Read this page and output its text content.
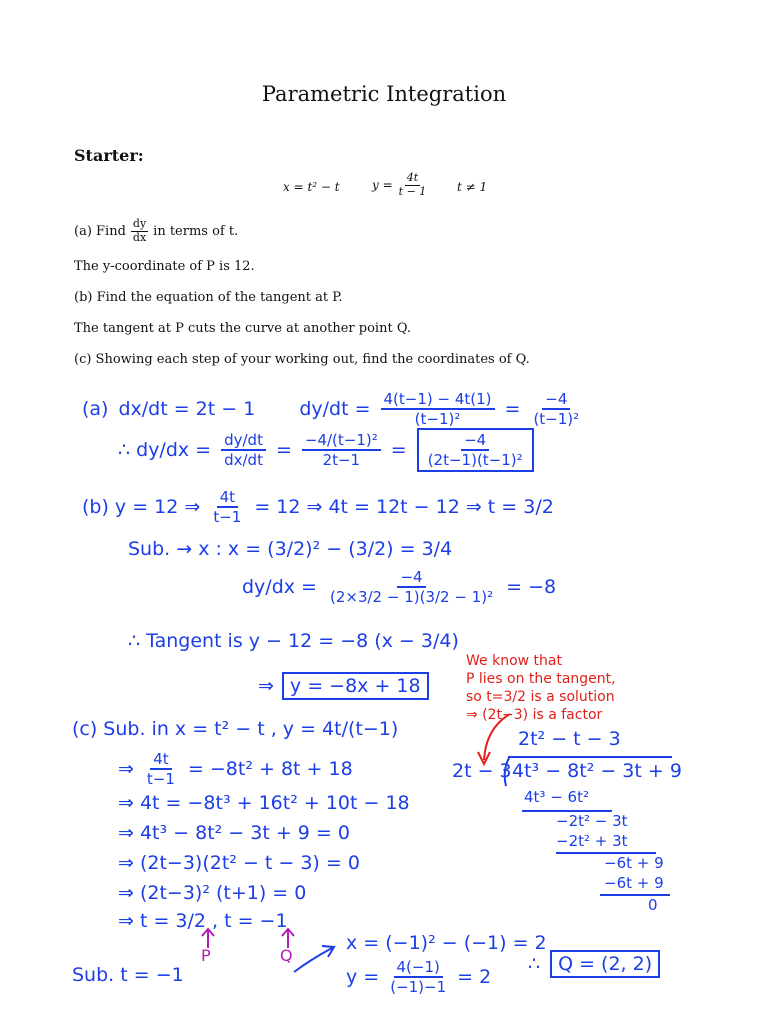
Parametric Integration
Starter:
x = t² − t	$y = \frac{4t}{t - 1}$ t ≠ 1
(a) Find $\frac{dy}{dx}$ in terms of t.
The y-coordinate of P is 12.
(b) Find the equation of the tangent at P.
The tangent at P cuts the curve at another point Q.
(c) Showing each step of your working out, find the coordinates of Q.
(a) dx/dt = 2t − 1 $dy/dt = \frac{4(t-1) - 4t(1)}{\text{(t−1)²}} = \frac{-4}{\text{(t−1)²}}$
∴ $dy/dx = \frac{dy/dt}{dx/dt} = \frac{\text{−4/(t−1)²}}{2t-1} = \frac{-4}{\text{(2t−1)(t−1)²}}$
(b) y = 12 ⇒ $\frac{4t}{t-1} = 12$ ⇒ 4t = 12t − 12 ⇒ t = 3/2
Sub. → x : x = (3/2)² − (3/2) = 3/4
$dy/dx = \frac{-4}{\text{(2×3/2 − 1)(3/2 − 1)²}} = -8$
∴ Tangent is y − 12 = −8 (x − 3/4)
⇒ y = −8x + 18
We know that
P lies on the tangent,
so t=3/2 is a solution
⇒ (2t−3) is a factor
(c) Sub. in x = t² − t , y = 4t/(t−1)
⇒ $\frac{4t}{t-1} = -8t^2 + 8t + 18$
⇒ 4t = −8t³ + 16t² + 10t − 18
⇒ 4t³ − 8t² − 3t + 9 = 0
⇒ (2t−3)(2t² − t − 3) = 0
⇒ (2t−3)² (t+1) = 0
⇒ t = 3/2 , t = −1
P	Q
Sub. t = −1
x = (−1)² − (−1) = 2
$y = \frac{4(-1)}{(-1)-1} = 2$
∴ Q = (2, 2)
2t² − t − 3
2t − 3 4t³ − 8t² − 3t + 9
4t³ − 6t²
−2t² − 3t
−2t² + 3t
−6t + 9
−6t + 9
0
